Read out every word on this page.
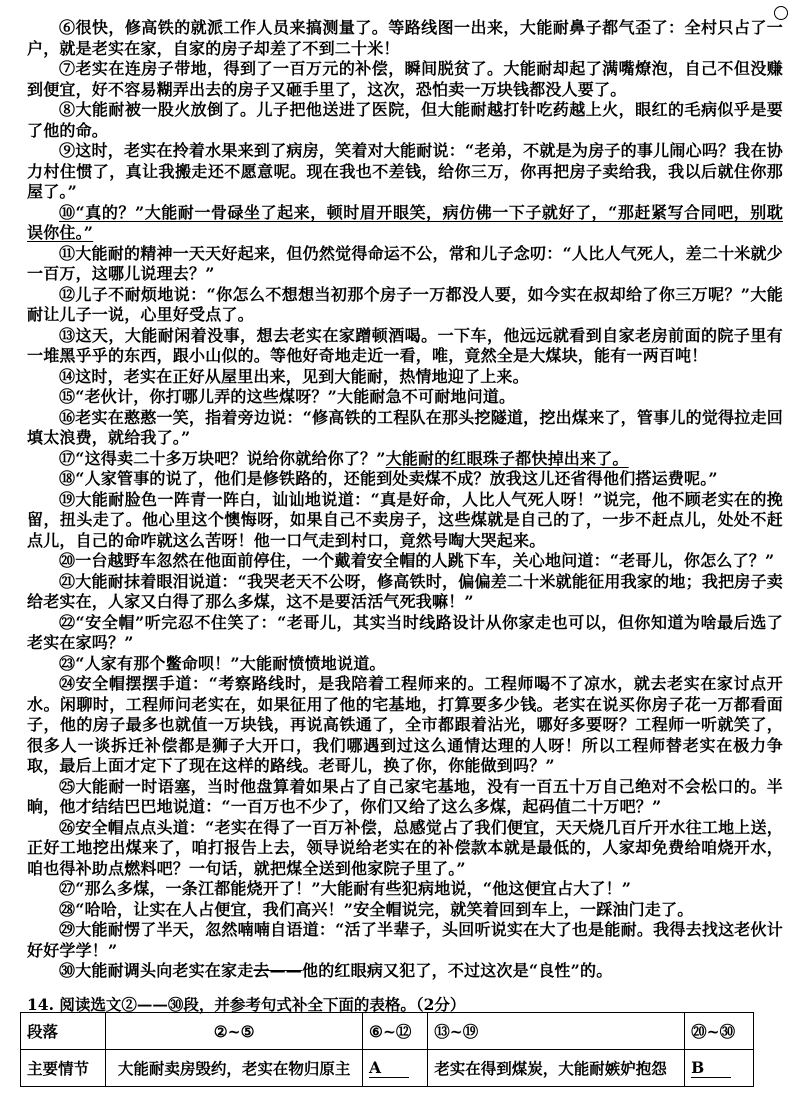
⑥很快，修高铁的就派工作人员来搞测量了。等路线图一出来，大能耐鼻子都气歪了：全村只占了一户，就是老实在家，自家的房子却差了不到二十米！

⑦老实在连房子带地，得到了一百万元的补偿，瞬间脱贫了。大能耐却起了满嘴燎泡，自己不但没赚到便宜，好不容易糊弄出去的房子又砸手里了，这次，恐怕卖一万块钱都没人要了。

⑧大能耐被一股火放倒了。儿子把他送进了医院，但大能耐越打针吃药越上火，眼红的毛病似乎是要了他的命。

⑨这时，老实在拎着水果来到了病房，笑着对大能耐说：“老弟，不就是为房子的事儿闹心吗？我在协力村住惯了，真让我搬走还不愿意呢。现在我也不差钱，给你三万，你再把房子卖给我，我以后就住你那屋了。”

⑩“真的？”大能耐一骨碌坐了起来，顿时眉开眼笑，病仿佛一下子就好了，“那赶紧写合同吧，别耽误你住。”

⑪大能耐的精神一天天好起来，但仍然觉得命运不公，常和儿子念叨：“人比人气死人，差二十米就少一百万，这哪儿说理去？”

⑫儿子不耐烦地说：“你怎么不想想当初那个房子一万都没人要，如今实在叔却给了你三万呢？”大能耐让儿子一说，心里好受点了。

⑬这天，大能耐闲着没事，想去老实在家蹭顿酒喝。一下车，他远远就看到自家老房前面的院子里有一堆黑乎乎的东西，跟小山似的。等他好奇地走近一看，唯，竟然全是大煤块，能有一两百吨！

⑭这时，老实在正好从屋里出来，见到大能耐，热情地迎了上来。

⑮“老伙计，你打哪儿弄的这些煤呀？”大能耐急不可耐地问道。

⑯老实在憨憨一笑，指着旁边说：“修高铁的工程队在那头挖隧道，挖出煤来了，管事儿的觉得拉走回填太浪费，就给我了。”

⑰“这得卖二十多万块吧？说给你就给你了？”大能耐的红眼珠子都快掉出来了。

⑱“人家管事的说了，他们是修铁路的，还能到处卖煤不成？放我这儿还省得他们搭运费呢。”

⑲大能耐脸色一阵青一阵白，讪讪地说道：“真是好命，人比人气死人呀！”说完，他不顾老实在的挽留，扭头走了。他心里这个懊悔呀，如果自己不卖房子，这些煤就是自己的了，一步不赶点儿，处处不赶点儿，自己的命咋就这么苦呀！他一口气走到村口，竟然号啕大哭起来。

⑳一台越野车忽然在他面前停住，一个戴着安全帽的人跳下车，关心地问道：“老哥儿，你怎么了？”

㉑大能耐抹着眼泪说道：“我哭老天不公呀，修高铁时，偏偏差二十米就能征用我家的地；我把房子卖给老实在，人家又白得了那么多煤，这不是要活活气死我嘛！”

㉒“安全帽”听完忍不住笑了：“老哥儿，其实当时线路设计从你家走也可以，但你知道为啥最后选了老实在家吗？”

㉓“人家有那个鳖命呗！”大能耐愤愤地说道。

㉔安全帽摆摆手道：“考察路线时，是我陪着工程师来的。工程师喝不了凉水，就去老实在家讨点开水。闲聊时，工程师问老实在，如果征用了他的宅基地，打算要多少钱。老实在说买你房子花一万都看面子，他的房子最多也就值一万块钱，再说高铁通了，全市都跟着沾光，哪好多要呀？工程师一听就笑了，很多人一谈拆迁补偿都是狮子大开口，我们哪遇到过这么通情达理的人呀！所以工程师替老实在极力争取，最后上面才定下了现在这样的路线。老哥儿，换了你，你能做到吗？”

㉕大能耐一时语塞，当时他盘算着如果占了自己家宅基地，没有一百五十万自己绝对不会松口的。半晌，他才结结巴巴地说道：“一百万也不少了，你们又给了这么多煤，起码值二十万吧？”

㉖安全帽点点头道：“老实在得了一百万补偿，总感觉占了我们便宜，天天烧几百斤开水往工地上送，正好工地挖出煤来了，咱打报告上去，领导说给老实在的补偿款本就是最低的，人家却免费给咱烧开水，咱也得补助点燃料吧？一句话，就把煤全送到他家院子里了。”

㉗“那么多煤，一条江都能烧开了！”大能耐有些犯病地说，“他这便宜占大了！”

㉘“哈哈，让实在人占便宜，我们高兴！”安全帽说完，就笑着回到车上，一踩油门走了。

㉙大能耐愣了半天，忽然喃喃自语道：“活了半辈子，头回听说实在大了也是能耐。我得去找这老伙计好好学学！”

㉚大能耐调头向老实在家走去——他的红眼病又犯了，不过这次是“良性”的。

14. 阅读选文②——㉚段，并参考句式补全下面的表格。（2分）

段落	②~⑤	⑥~⑫	⑬~⑲	⑳~㉚
主要情节	大能耐卖房毁约，老实在物归原主	A	老实在得到煤炭，大能耐嫉妒抱怨	B
